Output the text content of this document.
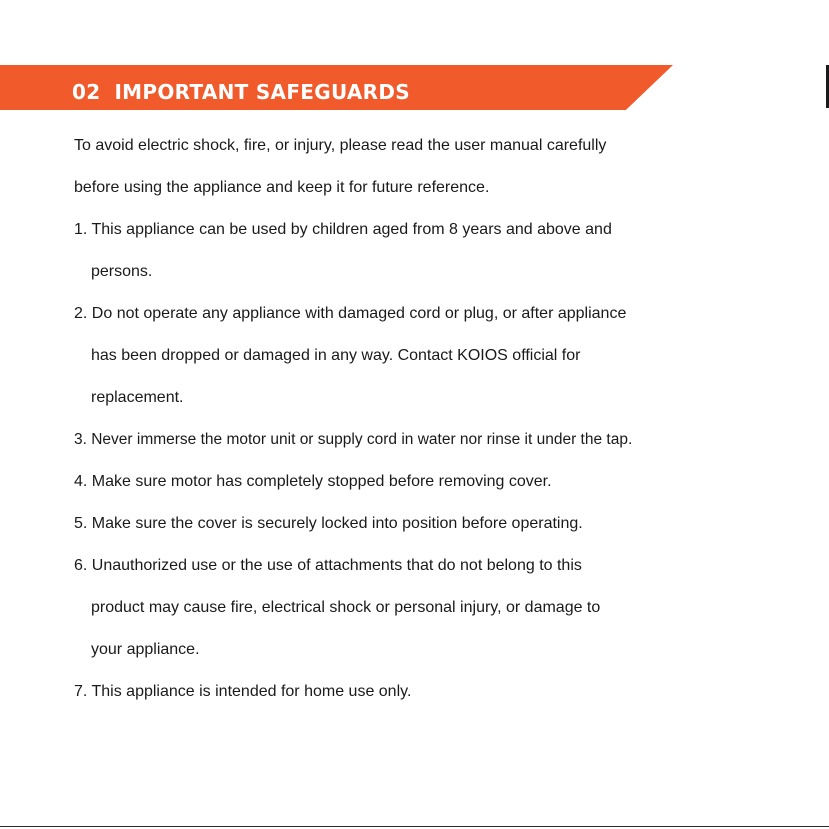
02 IMPORTANT SAFEGUARDS
To avoid electric shock, fire, or injury, please read the user manual carefully
before using the appliance and keep it for future reference.
1. This appliance can be used by children aged from 8 years and above and
persons.
2. Do not operate any appliance with damaged cord or plug, or after appliance
has been dropped or damaged in any way. Contact KOIOS official for
replacement.
3. Never immerse the motor unit or supply cord in water nor rinse it under the tap.
4. Make sure motor has completely stopped before removing cover.
5. Make sure the cover is securely locked into position before operating.
6. Unauthorized use or the use of attachments that do not belong to this
product may cause fire, electrical shock or personal injury, or damage to
your appliance.
7. This appliance is intended for home use only.
